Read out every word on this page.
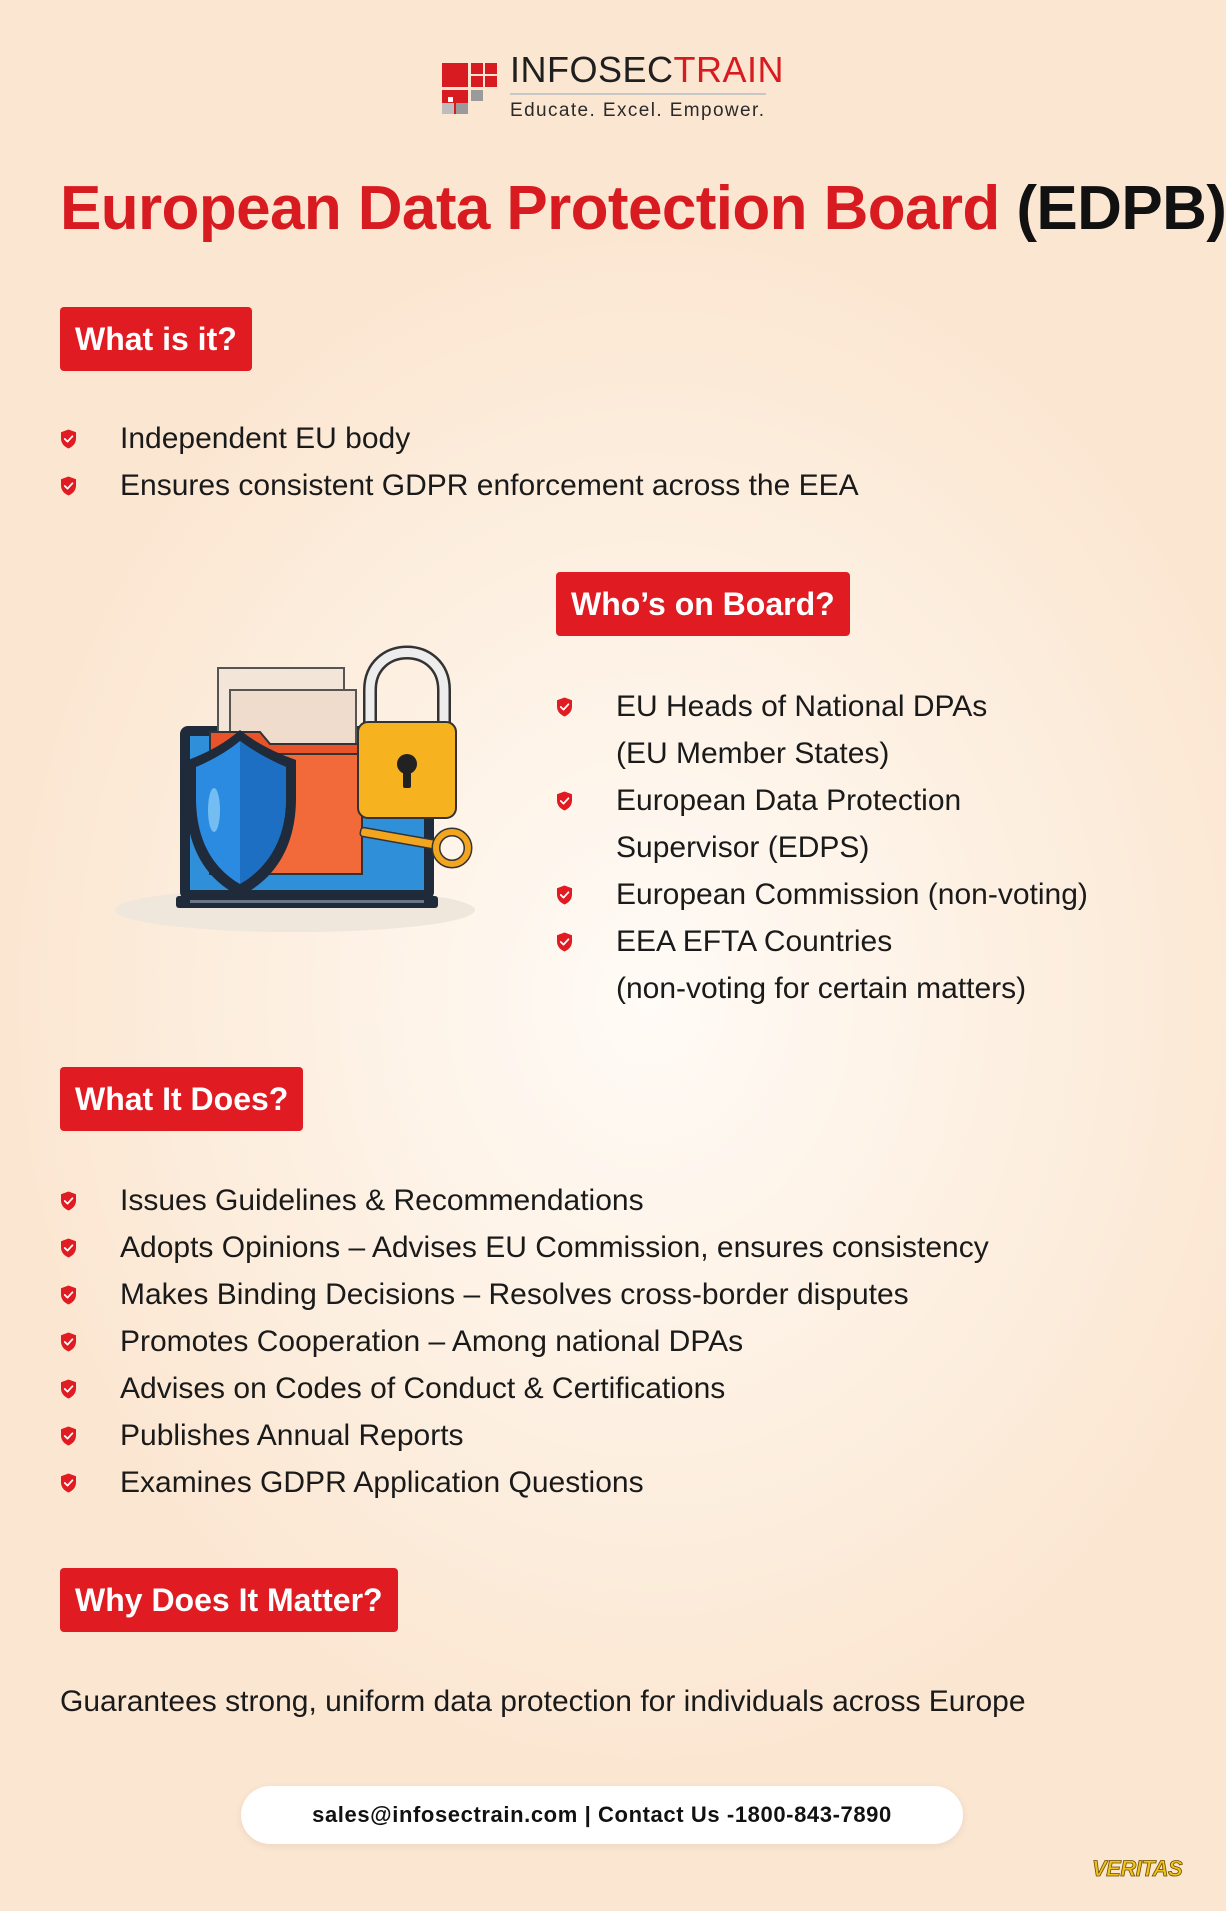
INFOSECTRAIN
Educate. Excel. Empower.
European Data Protection Board (EDPB)
What is it?
Independent EU body
Ensures consistent GDPR enforcement across the EEA
Who’s on Board?
EU Heads of National DPAs
(EU Member States)
European Data Protection
Supervisor (EDPS)
European Commission (non-voting)
EEA EFTA Countries
(non-voting for certain matters)
What It Does?
Issues Guidelines & Recommendations
Adopts Opinions – Advises EU Commission, ensures consistency
Makes Binding Decisions – Resolves cross-border disputes
Promotes Cooperation – Among national DPAs
Advises on Codes of Conduct & Certifications
Publishes Annual Reports
Examines GDPR Application Questions
Why Does It Matter?
Guarantees strong, uniform data protection for individuals across Europe
sales@infosectrain.com | Contact Us -1800-843-7890
VERITAS
